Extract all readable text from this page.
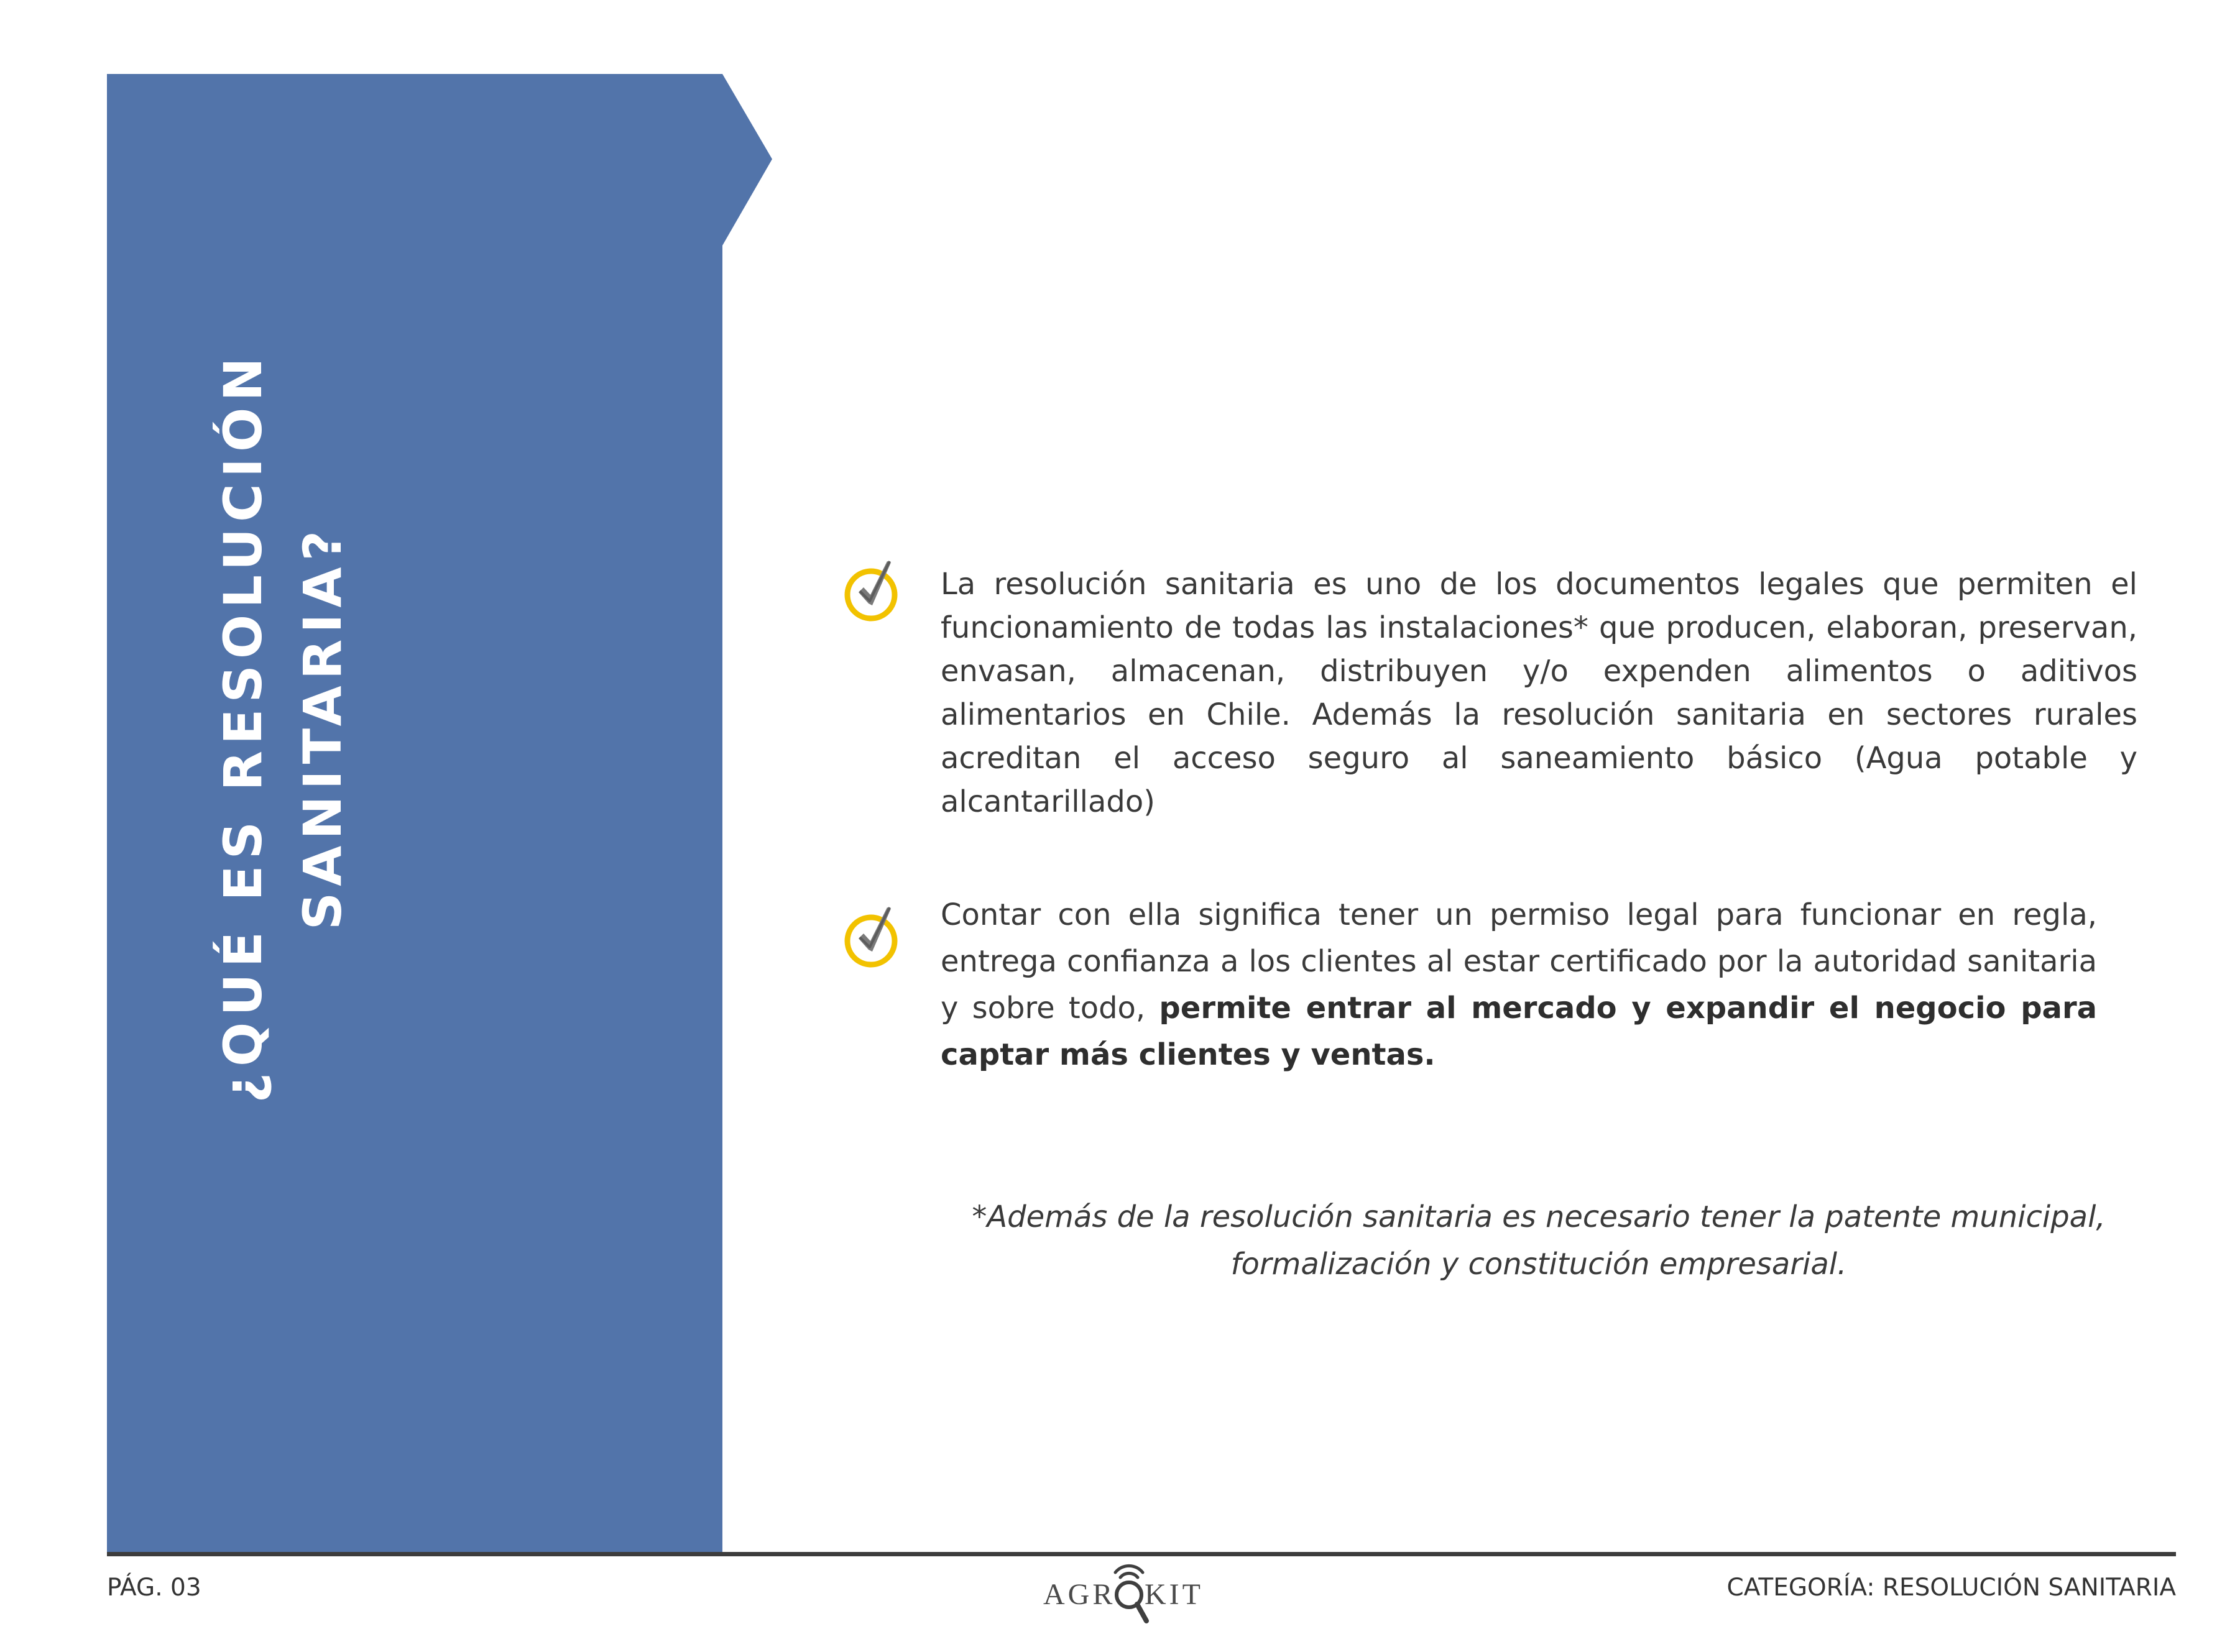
¿QUÉ ES RESOLUCIÓN SANITARIA?	La resolución sanitaria es uno de los documentos legales que permiten el funcionamiento de todas las instalaciones* que producen, elaboran, preservan, envasan, almacenan, distribuyen y/o expenden alimentos o aditivos alimentarios en Chile. Además la resolución sanitaria en sectores rurales acreditan el acceso seguro al saneamiento básico (Agua potable y alcantarillado)
Contar con ella significa tener un permiso legal para funcionar en regla, entrega confianza a los clientes al estar certificado por la autoridad sanitaria y sobre todo, permite entrar al mercado y expandir el negocio para captar más clientes y ventas.
*Además de la resolución sanitaria es necesario tener la patente municipal,
formalización y constitución empresarial.
PÁG. 03	AGR KIT	CATEGORÍA: RESOLUCIÓN SANITARIA
